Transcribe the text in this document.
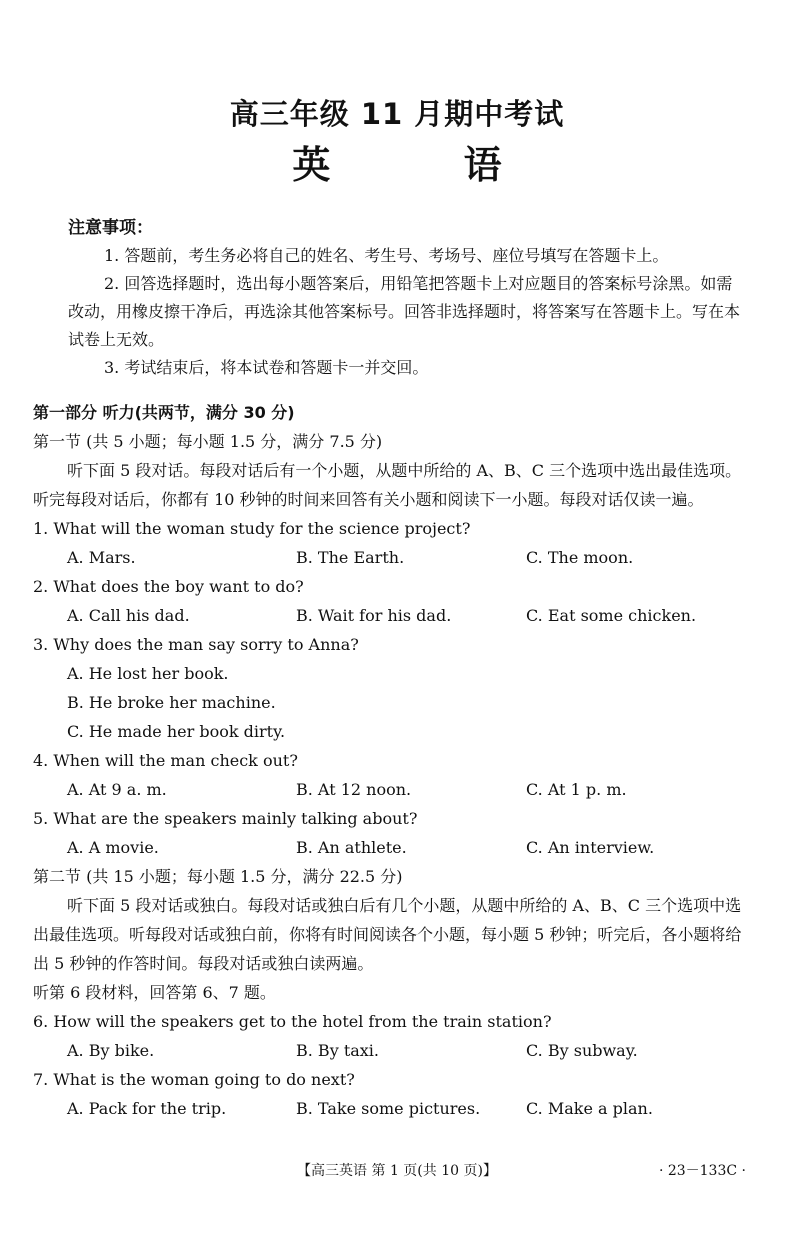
高三年级 11 月期中考试
英 语
注意事项：

1. 答题前，考生务必将自己的姓名、考生号、考场号、座位号填写在答题卡上。

2. 回答选择题时，选出每小题答案后，用铅笔把答题卡上对应题目的答案标号涂黑。如需改动，用橡皮擦干净后，再选涂其他答案标号。回答非选择题时，将答案写在答题卡上。写在本试卷上无效。

3. 考试结束后，将本试卷和答题卡一并交回。

第一部分 听力(共两节，满分 30 分)
第一节 (共 5 小题；每小题 1.5 分，满分 7.5 分)

听下面 5 段对话。每段对话后有一个小题，从题中所给的 A、B、C 三个选项中选出最佳选项。听完每段对话后，你都有 10 秒钟的时间来回答有关小题和阅读下一小题。每段对话仅读一遍。

1. What will the woman study for the science project?
A. Mars.	B. The Earth.	C. The moon.
2. What does the boy want to do?
A. Call his dad.	B. Wait for his dad.	C. Eat some chicken.
3. Why does the man say sorry to Anna?
A. He lost her book.
B. He broke her machine.
C. He made her book dirty.
4. When will the man check out?
A. At 9 a. m.	B. At 12 noon.	C. At 1 p. m.
5. What are the speakers mainly talking about?
A. A movie.	B. An athlete.	C. An interview.
第二节 (共 15 小题；每小题 1.5 分，满分 22.5 分)

听下面 5 段对话或独白。每段对话或独白后有几个小题，从题中所给的 A、B、C 三个选项中选出最佳选项。听每段对话或独白前，你将有时间阅读各个小题，每小题 5 秒钟；听完后，各小题将给出 5 秒钟的作答时间。每段对话或独白读两遍。

听第 6 段材料，回答第 6、7 题。
6. How will the speakers get to the hotel from the train station?
A. By bike.	B. By taxi.	C. By subway.
7. What is the woman going to do next?
A. Pack for the trip.	B. Take some pictures.	C. Make a plan.
【高三英语 第 1 页(共 10 页)】	· 23－133C ·
